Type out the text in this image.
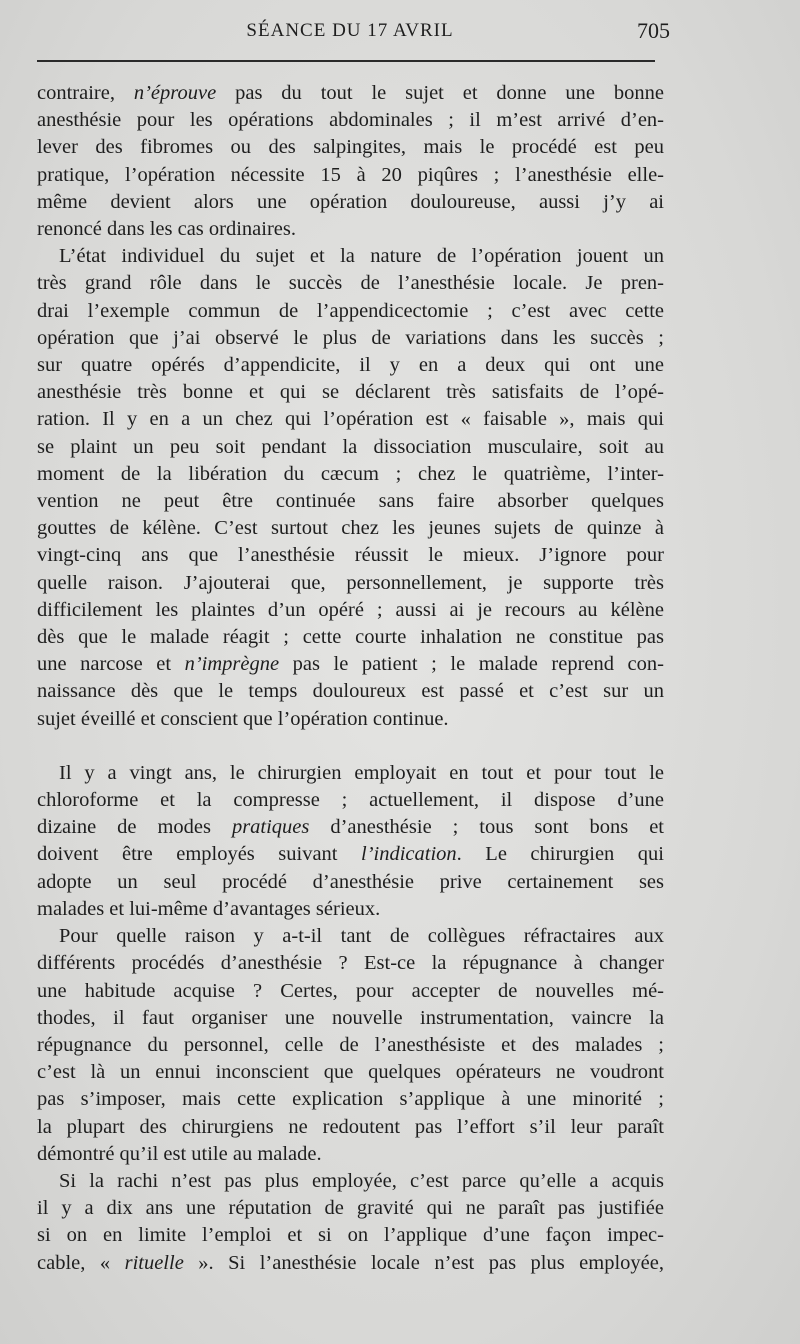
SÉANCE DU 17 AVRIL	705
contraire, n’éprouve pas du tout le sujet et donne une bonne
anesthésie pour les opérations abdominales ; il m’est arrivé d’en-
lever des fibromes ou des salpingites, mais le procédé est peu
pratique, l’opération nécessite 15 à 20 piqûres ; l’anesthésie elle-
même devient alors une opération douloureuse, aussi j’y ai
renoncé dans les cas ordinaires.
L’état individuel du sujet et la nature de l’opération jouent un
très grand rôle dans le succès de l’anesthésie locale. Je pren-
drai l’exemple commun de l’appendicectomie ; c’est avec cette
opération que j’ai observé le plus de variations dans les succès ;
sur quatre opérés d’appendicite, il y en a deux qui ont une
anesthésie très bonne et qui se déclarent très satisfaits de l’opé-
ration. Il y en a un chez qui l’opération est « faisable », mais qui
se plaint un peu soit pendant la dissociation musculaire, soit au
moment de la libération du cæcum ; chez le quatrième, l’inter-
vention ne peut être continuée sans faire absorber quelques
gouttes de kélène. C’est surtout chez les jeunes sujets de quinze à
vingt-cinq ans que l’anesthésie réussit le mieux. J’ignore pour
quelle raison. J’ajouterai que, personnellement, je supporte très
difficilement les plaintes d’un opéré ; aussi ai je recours au kélène
dès que le malade réagit ; cette courte inhalation ne constitue pas
une narcose et n’imprègne pas le patient ; le malade reprend con-
naissance dès que le temps douloureux est passé et c’est sur un
sujet éveillé et conscient que l’opération continue.
Il y a vingt ans, le chirurgien employait en tout et pour tout le
chloroforme et la compresse ; actuellement, il dispose d’une
dizaine de modes pratiques d’anesthésie ; tous sont bons et
doivent être employés suivant l’indication. Le chirurgien qui
adopte un seul procédé d’anesthésie prive certainement ses
malades et lui-même d’avantages sérieux.
Pour quelle raison y a-t-il tant de collègues réfractaires aux
différents procédés d’anesthésie ? Est-ce la répugnance à changer
une habitude acquise ? Certes, pour accepter de nouvelles mé-
thodes, il faut organiser une nouvelle instrumentation, vaincre la
répugnance du personnel, celle de l’anesthésiste et des malades ;
c’est là un ennui inconscient que quelques opérateurs ne voudront
pas s’imposer, mais cette explication s’applique à une minorité ;
la plupart des chirurgiens ne redoutent pas l’effort s’il leur paraît
démontré qu’il est utile au malade.
Si la rachi n’est pas plus employée, c’est parce qu’elle a acquis
il y a dix ans une réputation de gravité qui ne paraît pas justifiée
si on en limite l’emploi et si on l’applique d’une façon impec-
cable, « rituelle ». Si l’anesthésie locale n’est pas plus employée,
